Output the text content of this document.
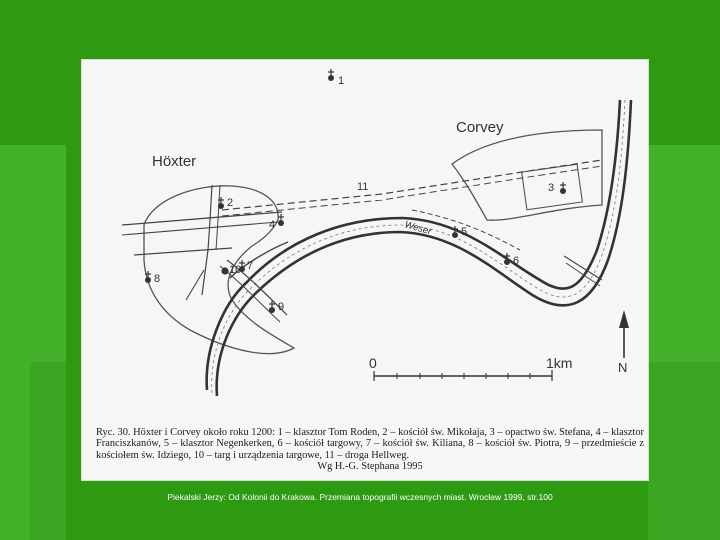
Höxter
Corvey
Weser
11
1
2
3
4
5
6
7
8
9
10
0	1km	N
Ryc. 30. Höxter i Corvey około roku 1200: 1 – klasztor Tom Roden, 2 – kościół św. Mikołaja, 3 – opactwo św. Stefana, 4 – klasztor Franciszkanów, 5 – klasztor Negenkerken, 6 – kościół targowy, 7 – kościół św. Kiliana, 8 – kościół św. Piotra, 9 – przedmieście z kościołem św. Idziego, 10 – targ i urządzenia targowe, 11 – droga Hellweg.
Wg H.-G. Stephana 1995
Piekalski Jerzy: Od Kolonii do Krakowa. Przemiana topografii wczesnych miast. Wrocław 1999, str.100
